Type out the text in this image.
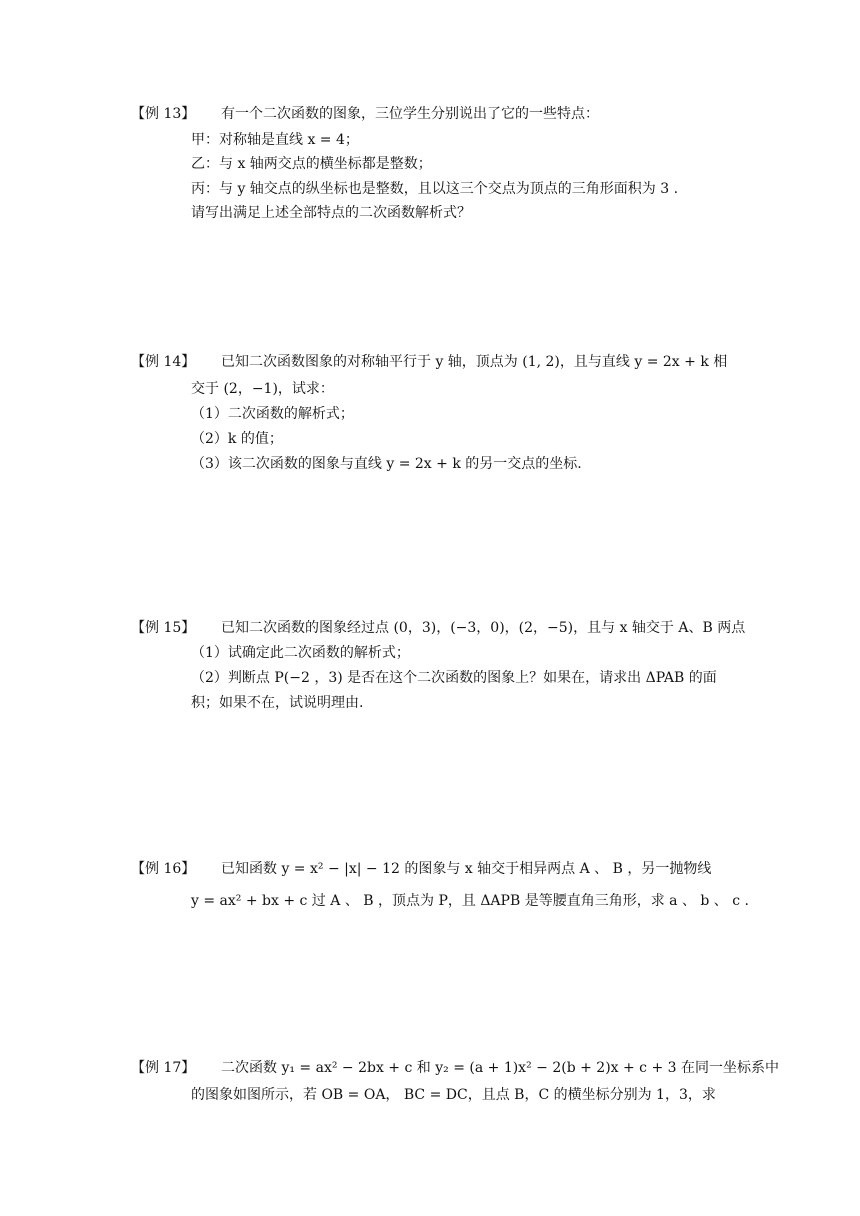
【例 13】 有一个二次函数的图象，三位学生分别说出了它的一些特点：
甲：对称轴是直线 x = 4；
乙：与 x 轴两交点的横坐标都是整数；
丙：与 y 轴交点的纵坐标也是整数，且以这三个交点为顶点的三角形面积为 3 .
请写出满足上述全部特点的二次函数解析式？
【例 14】 已知二次函数图象的对称轴平行于 y 轴，顶点为 (1, 2)，且与直线 y = 2x + k 相
交于 (2，−1)，试求：
（1）二次函数的解析式；
（2）k 的值；
（3）该二次函数的图象与直线 y = 2x + k 的另一交点的坐标.
【例 15】 已知二次函数的图象经过点 (0，3)，(−3，0)，(2，−5)，且与 x 轴交于 A、B 两点
（1）试确定此二次函数的解析式；
（2）判断点 P(−2 ，3) 是否在这个二次函数的图象上？如果在，请求出 ΔPAB 的面
积；如果不在，试说明理由.
【例 16】 已知函数 y = x² − |x| − 12 的图象与 x 轴交于相异两点 A 、 B ，另一抛物线
y = ax² + bx + c 过 A 、 B ，顶点为 P，且 ΔAPB 是等腰直角三角形，求 a 、 b 、 c .
【例 17】 二次函数 y₁ = ax² − 2bx + c 和 y₂ = (a + 1)x² − 2(b + 2)x + c + 3 在同一坐标系中
的图象如图所示，若 OB = OA， BC = DC，且点 B，C 的横坐标分别为 1，3，求
